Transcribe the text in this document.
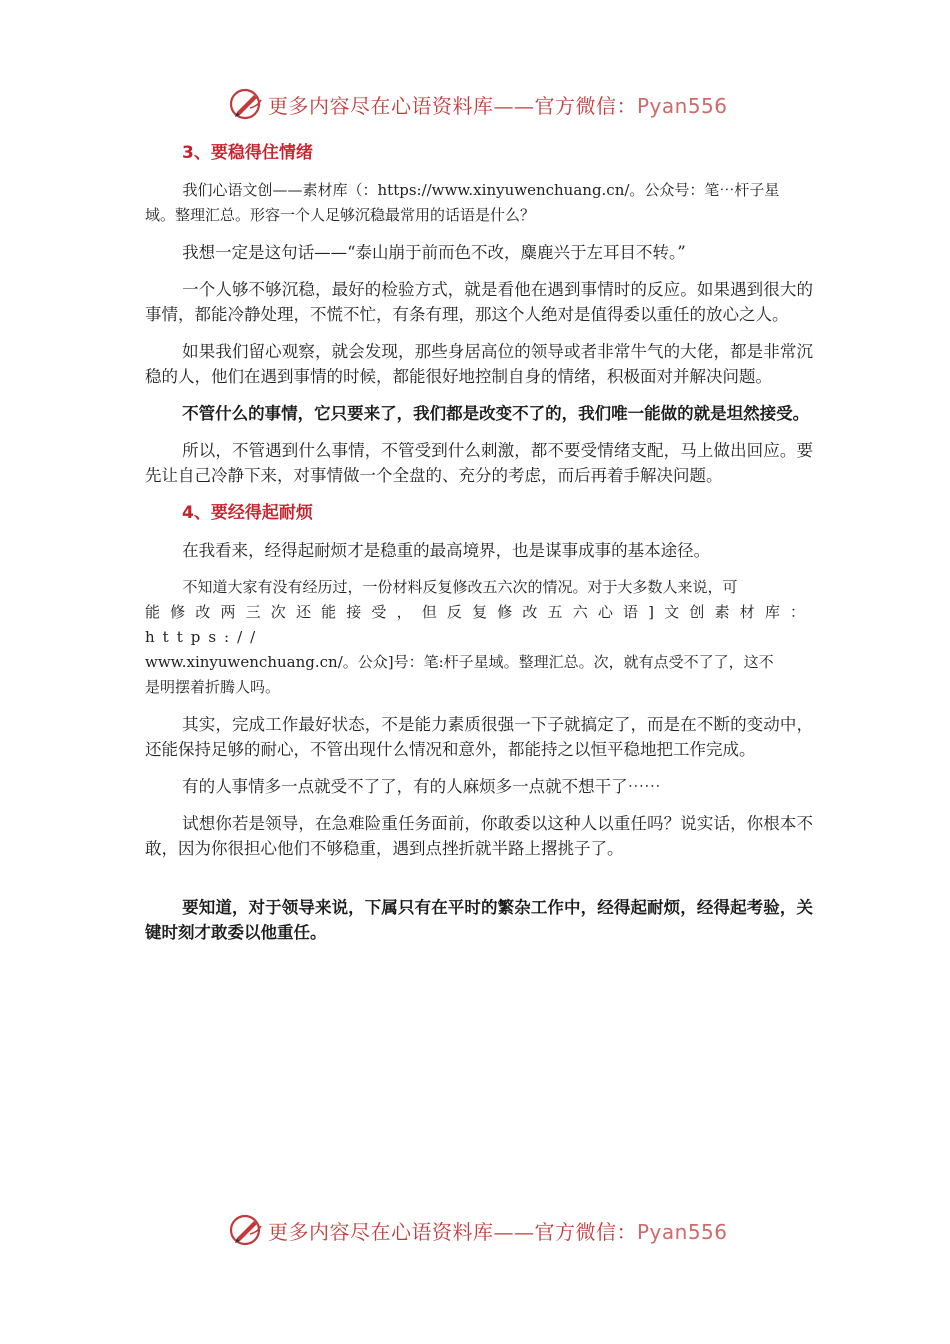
更多内容尽在心语资料库——官方微信：Pyan556
3、要稳得住情绪

我们心语文创——素材库（：https://www.xinyuwenchuang.cn/。公众号：笔⋯杆子星
域。整理汇总。形容一个人足够沉稳最常用的话语是什么？

我想一定是这句话——“泰山崩于前而色不改，麋鹿兴于左耳目不转。”

一个人够不够沉稳，最好的检验方式，就是看他在遇到事情时的反应。如果遇到很大的事情，都能冷静处理，不慌不忙，有条有理，那这个人绝对是值得委以重任的放心之人。

如果我们留心观察，就会发现，那些身居高位的领导或者非常牛气的大佬，都是非常沉稳的人，他们在遇到事情的时候，都能很好地控制自身的情绪，积极面对并解决问题。

不管什么的事情，它只要来了，我们都是改变不了的，我们唯一能做的就是坦然接受。

所以，不管遇到什么事情，不管受到什么刺激，都不要受情绪支配，马上做出回应。要先让自己冷静下来，对事情做一个全盘的、充分的考虑，而后再着手解决问题。

4、要经得起耐烦

在我看来，经得起耐烦才是稳重的最高境界，也是谋事成事的基本途径。

不知道大家有没有经历过，一份材料反复修改五六次的情况。对于大多数人来说，可
能修改两三次还能接受，但反复修改五六心语]文创素材库：https://
www.xinyuwenchuang.cn/。公众]号：笔:杆子星域。整理汇总。次，就有点受不了了，这不
是明摆着折腾人吗。

其实，完成工作最好状态，不是能力素质很强一下子就搞定了，而是在不断的变动中，还能保持足够的耐心，不管出现什么情况和意外，都能持之以恒平稳地把工作完成。

有的人事情多一点就受不了了，有的人麻烦多一点就不想干了⋯⋯

试想你若是领导，在急难险重任务面前，你敢委以这种人以重任吗？说实话，你根本不敢，因为你很担心他们不够稳重，遇到点挫折就半路上撂挑子了。

要知道，对于领导来说，下属只有在平时的繁杂工作中，经得起耐烦，经得起考验，关键时刻才敢委以他重任。

更多内容尽在心语资料库——官方微信：Pyan556
